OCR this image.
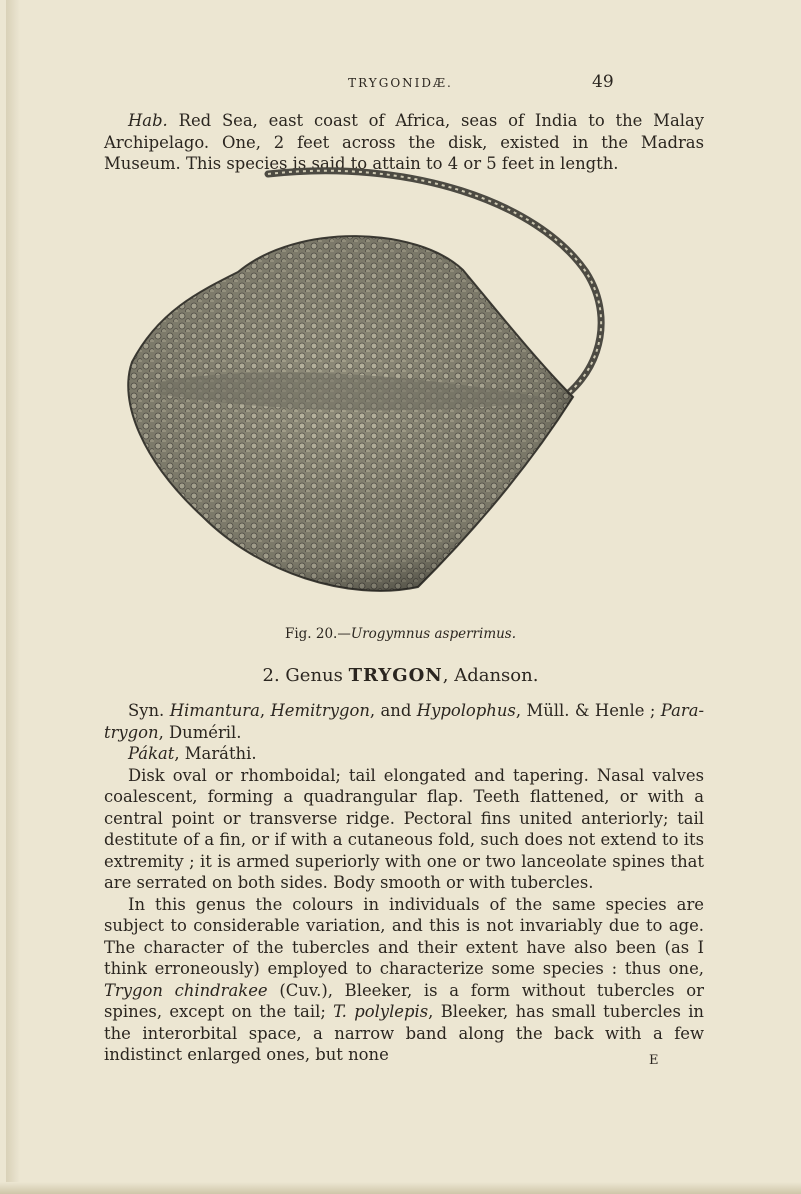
TRYGONIDÆ.	49

Hab. Red Sea, east coast of Africa, seas of India to the Malay Archipelago. One, 2 feet across the disk, existed in the Madras Museum. This species is said to attain to 4 or 5 feet in length.

Fig. 20.—Urogymnus asperrimus.
2. Genus TRYGON, Adanson.

Syn. Himantura, Hemitrygon, and Hypolophus, Müll. & Henle ; Para-trygon, Duméril.

Pákat, Maráthi.

Disk oval or rhomboidal; tail elongated and tapering. Nasal valves coalescent, forming a quadrangular flap. Teeth flattened, or with a central point or transverse ridge. Pectoral fins united anteriorly; tail destitute of a fin, or if with a cutaneous fold, such does not extend to its extremity ; it is armed superiorly with one or two lanceolate spines that are serrated on both sides. Body smooth or with tubercles.

In this genus the colours in individuals of the same species are subject to considerable variation, and this is not invariably due to age. The character of the tubercles and their extent have also been (as I think erroneously) employed to characterize some species : thus one, Trygon chindrakee (Cuv.), Bleeker, is a form without tubercles or spines, except on the tail; T. polylepis, Bleeker, has small tubercles in the interorbital space, a narrow band along the back with a few indistinct enlarged ones, but none	E
